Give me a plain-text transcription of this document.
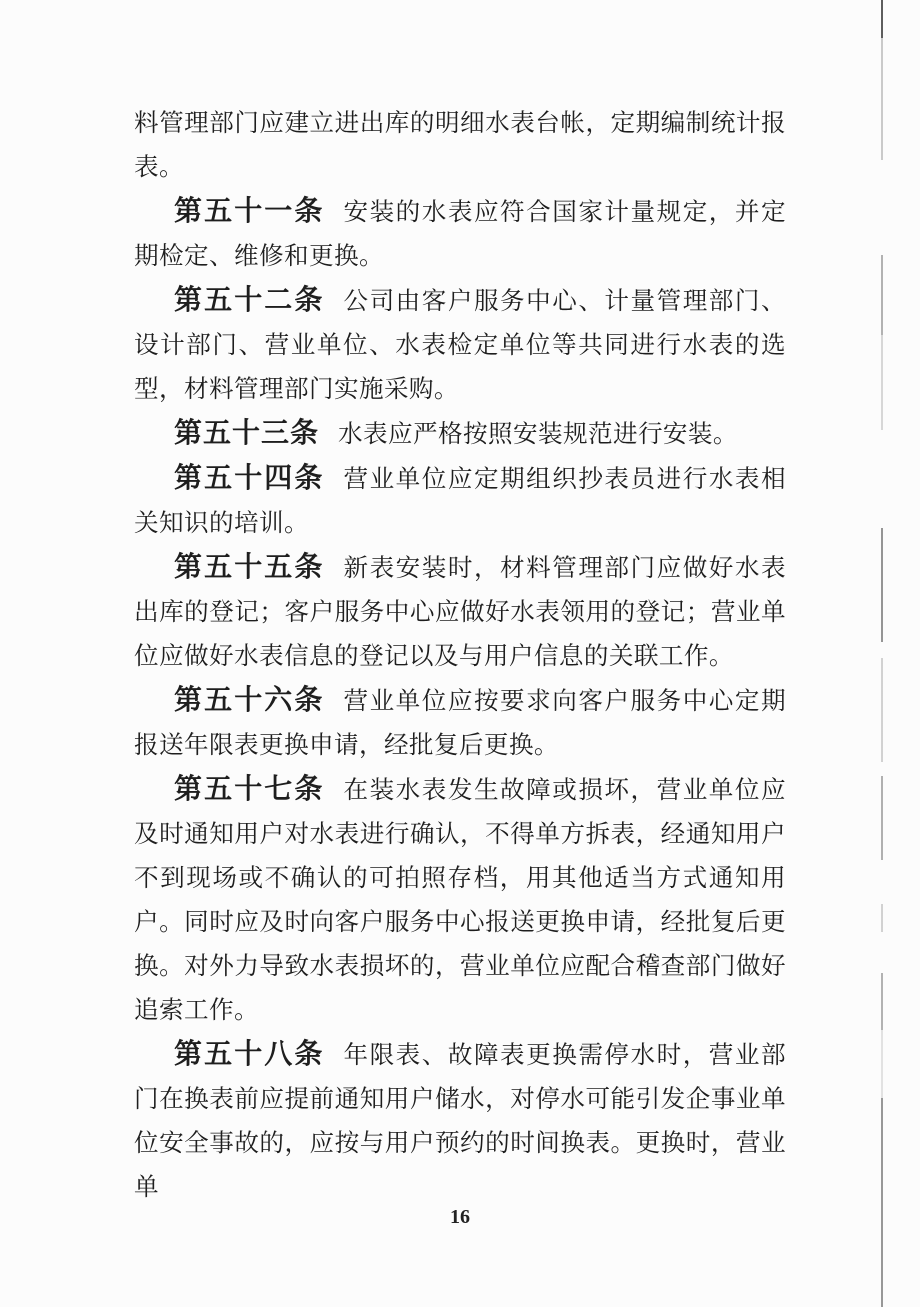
料管理部门应建立进出库的明细水表台帐，定期编制统计报表。

第五十一条 安装的水表应符合国家计量规定，并定期检定、维修和更换。

第五十二条 公司由客户服务中心、计量管理部门、设计部门、营业单位、水表检定单位等共同进行水表的选型，材料管理部门实施采购。

第五十三条 水表应严格按照安装规范进行安装。

第五十四条 营业单位应定期组织抄表员进行水表相关知识的培训。

第五十五条 新表安装时，材料管理部门应做好水表出库的登记；客户服务中心应做好水表领用的登记；营业单位应做好水表信息的登记以及与用户信息的关联工作。

第五十六条 营业单位应按要求向客户服务中心定期报送年限表更换申请，经批复后更换。

第五十七条 在装水表发生故障或损坏，营业单位应及时通知用户对水表进行确认，不得单方拆表，经通知用户不到现场或不确认的可拍照存档，用其他适当方式通知用户。同时应及时向客户服务中心报送更换申请，经批复后更换。对外力导致水表损坏的，营业单位应配合稽查部门做好追索工作。

第五十八条 年限表、故障表更换需停水时，营业部门在换表前应提前通知用户储水，对停水可能引发企事业单位安全事故的，应按与用户预约的时间换表。更换时，营业单

16
